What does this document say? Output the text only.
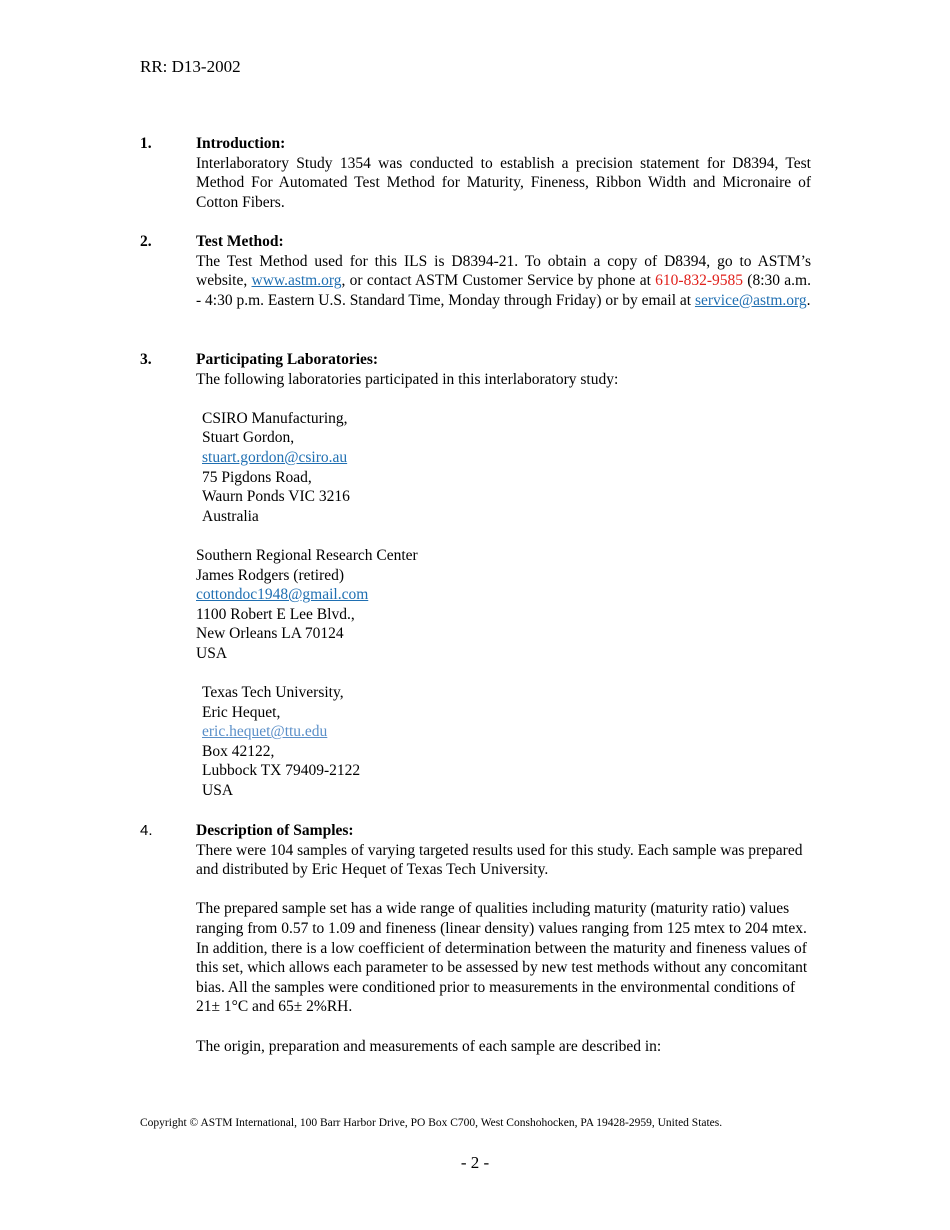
RR: D13-2002
1.	Introduction:
Interlaboratory Study 1354 was conducted to establish a precision statement for D8394, Test Method For Automated Test Method for Maturity, Fineness, Ribbon Width and Micronaire of Cotton Fibers.
2.	Test Method:
The Test Method used for this ILS is D8394-21. To obtain a copy of D8394, go to ASTM’s website, www.astm.org, or contact ASTM Customer Service by phone at 610-832-9585 (8:30 a.m. - 4:30 p.m. Eastern U.S. Standard Time, Monday through Friday) or by email at service@astm.org.
3.	Participating Laboratories:
The following laboratories participated in this interlaboratory study:
CSIRO Manufacturing,
Stuart Gordon,
stuart.gordon@csiro.au
75 Pigdons Road,
Waurn Ponds VIC 3216
Australia
Southern Regional Research Center
James Rodgers (retired)
cottondoc1948@gmail.com
1100 Robert E Lee Blvd.,
New Orleans LA 70124
USA
Texas Tech University,
Eric Hequet,
eric.hequet@ttu.edu
Box 42122,
Lubbock TX 79409-2122
USA
4.	Description of Samples:
There were 104 samples of varying targeted results used for this study. Each sample was prepared and distributed by Eric Hequet of Texas Tech University.
The prepared sample set has a wide range of qualities including maturity (maturity ratio) values ranging from 0.57 to 1.09 and fineness (linear density) values ranging from 125 mtex to 204 mtex. In addition, there is a low coefficient of determination between the maturity and fineness values of this set, which allows each parameter to be assessed by new test methods without any concomitant bias. All the samples were conditioned prior to measurements in the environmental conditions of 21± 1°C and 65± 2%RH.
The origin, preparation and measurements of each sample are described in:
Copyright © ASTM International, 100 Barr Harbor Drive, PO Box C700, West Conshohocken, PA 19428-2959, United States.
- 2 -
